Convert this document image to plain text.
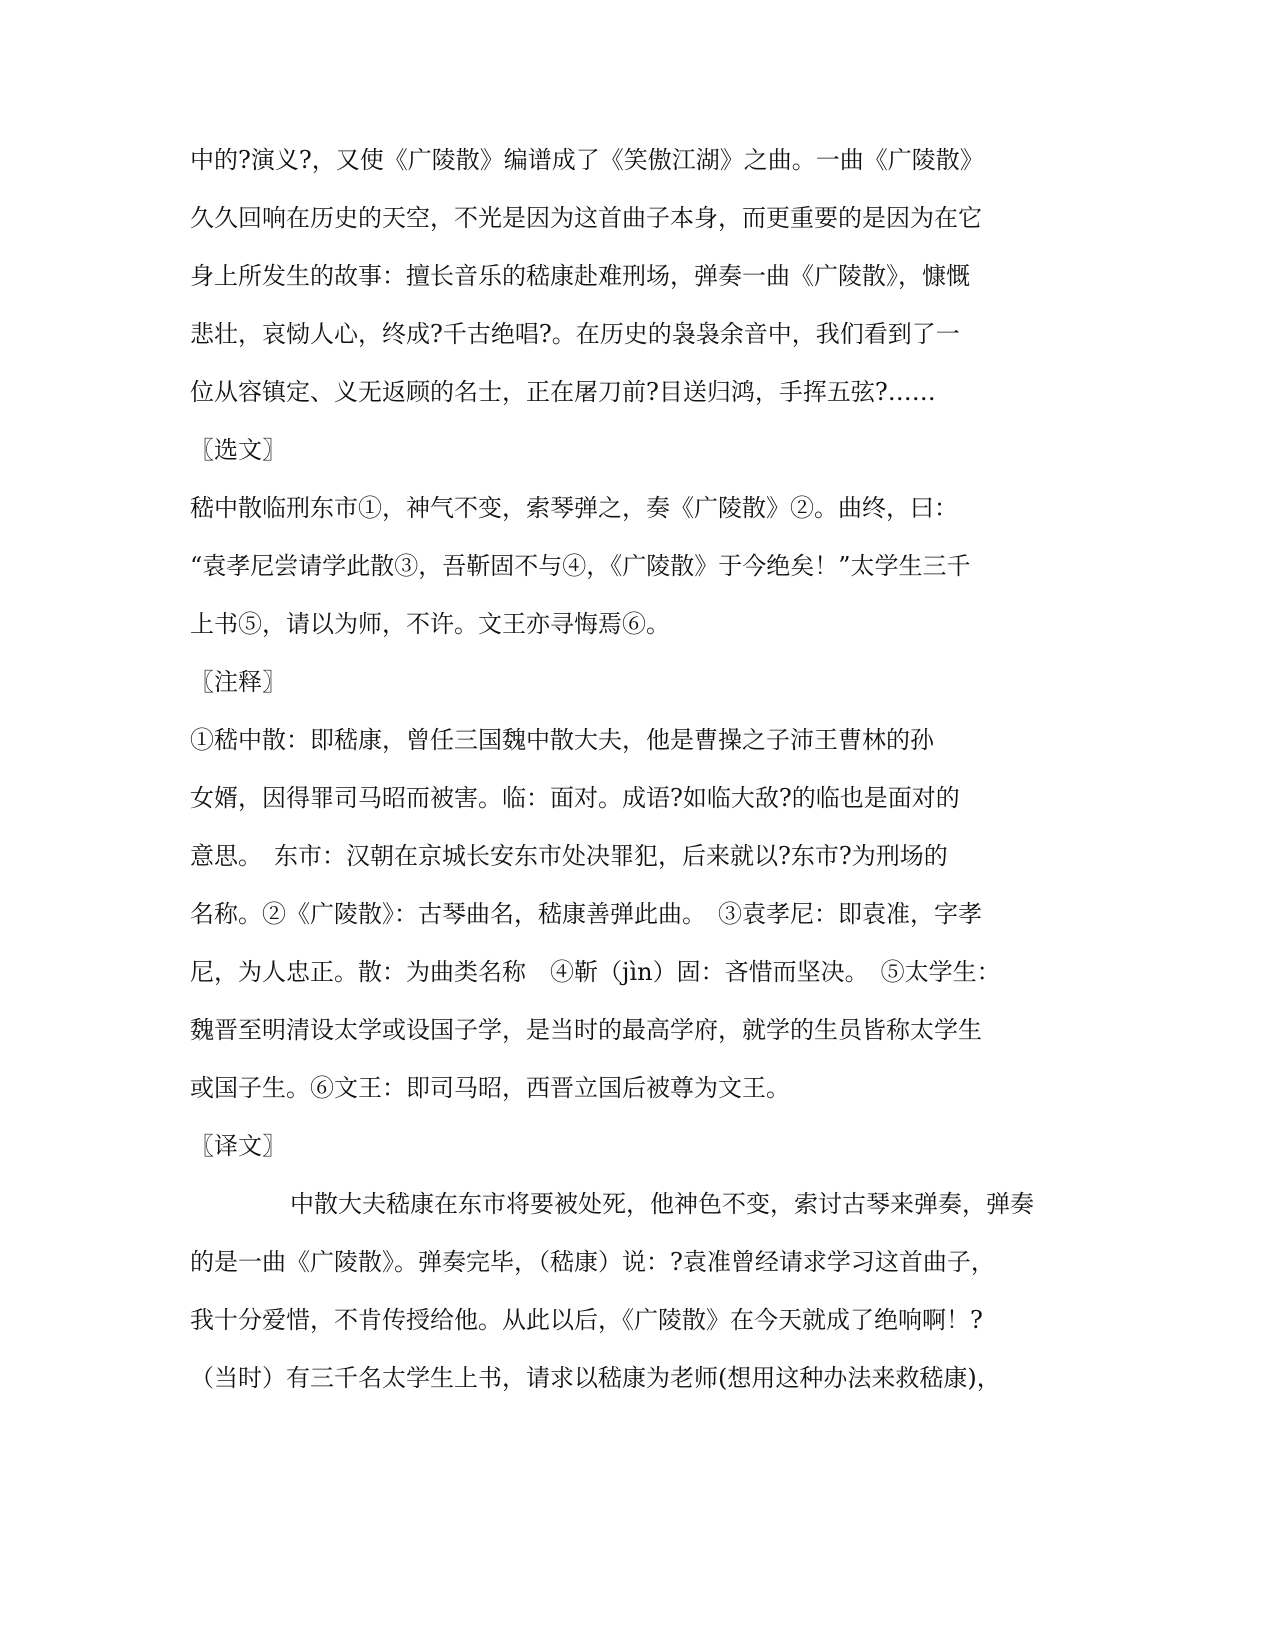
中的?演义?，又使《广陵散》编谱成了《笑傲江湖》之曲。一曲《广陵散》
久久回响在历史的天空，不光是因为这首曲子本身，而更重要的是因为在它
身上所发生的故事：擅长音乐的嵇康赴难刑场，弹奏一曲《广陵散》，慷慨
悲壮，哀恸人心，终成?千古绝唱?。在历史的袅袅余音中，我们看到了一
位从容镇定、义无返顾的名士，正在屠刀前?目送归鸿，手挥五弦?……
〖选文〗
嵇中散临刑东市①，神气不变，索琴弹之，奏《广陵散》②。曲终，曰：
“袁孝尼尝请学此散③，吾靳固不与④，《广陵散》于今绝矣！”太学生三千
上书⑤，请以为师，不许。文王亦寻悔焉⑥。
〖注释〗
①嵇中散：即嵇康，曾任三国魏中散大夫，他是曹操之子沛王曹林的孙
女婿，因得罪司马昭而被害。临：面对。成语?如临大敌?的临也是面对的
意思。　东市：汉朝在京城长安东市处决罪犯，后来就以?东市?为刑场的
名称。②《广陵散》：古琴曲名，嵇康善弹此曲。　③袁孝尼：即袁准，字孝
尼，为人忠正。散：为曲类名称　④靳（jìn）固：吝惜而坚决。　⑤太学生：
魏晋至明清设太学或设国子学，是当时的最高学府，就学的生员皆称太学生
或国子生。⑥文王：即司马昭，西晋立国后被尊为文王。
〖译文〗
中散大夫嵇康在东市将要被处死，他神色不变，索讨古琴来弹奏，弹奏
的是一曲《广陵散》。弹奏完毕，（嵇康）说：?袁准曾经请求学习这首曲子，
我十分爱惜，不肯传授给他。从此以后，《广陵散》在今天就成了绝响啊！?
（当时）有三千名太学生上书，请求以嵇康为老师(想用这种办法来救嵇康)，
